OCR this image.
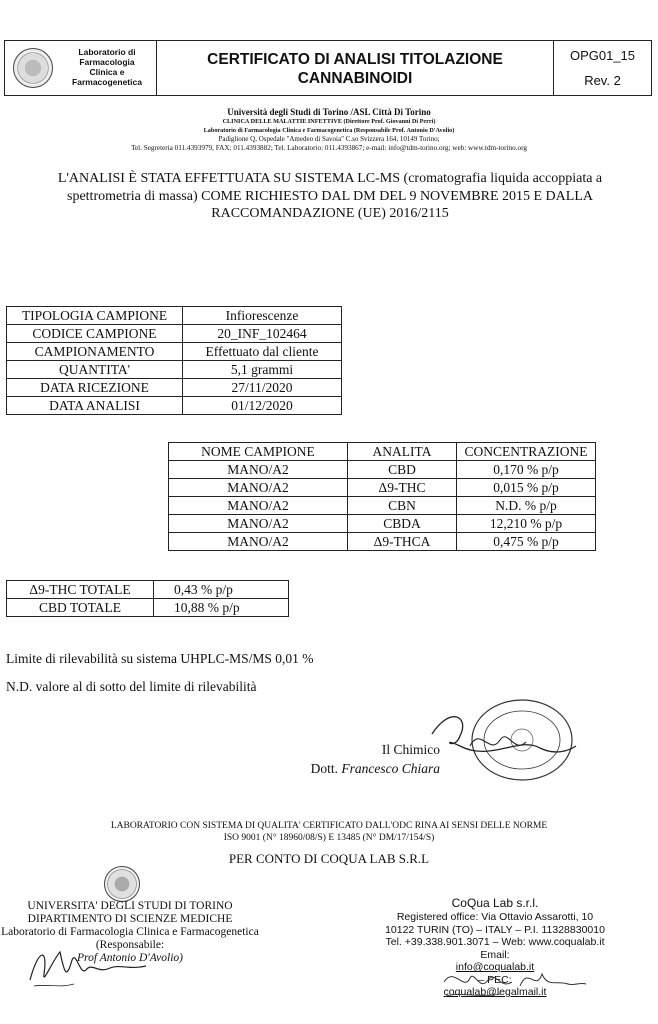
Laboratorio di
Farmacologia
Clinica e
Farmacogenetica
CERTIFICATO DI ANALISI TITOLAZIONE
CANNABINOIDI
OPG01_15
Rev. 2
Università degli Studi di Torino /ASL Città Di Torino
CLINICA DELLE MALATTIE INFETTIVE (Direttore Prof. Giovanni Di Perri)
Laboratorio di Farmacologia Clinica e Farmacogenetica (Responsabile Prof. Antonio D'Avolio)
Padiglione Q, Ospedale "Amedeo di Savoia" C.so Svizzera 164, 10149 Torino;
Tel. Segreteria 011.4393979, FAX: 011.4393882; Tel. Laboratorio: 011.4393867; e-mail: info@tdm-torino.org; web: www.tdm-torino.org
L'ANALISI È STATA EFFETTUATA SU SISTEMA LC-MS (cromatografia liquida accoppiata a
spettrometria di massa) COME RICHIESTO DAL DM DEL 9 NOVEMBRE 2015 E DALLA
RACCOMANDAZIONE (UE) 2016/2115
TIPOLOGIA CAMPIONE	Infiorescenze
CODICE CAMPIONE	20_INF_102464
CAMPIONAMENTO	Effettuato dal cliente
QUANTITA'	5,1 grammi
DATA RICEZIONE	27/11/2020
DATA ANALISI	01/12/2020
NOME CAMPIONE	ANALITA	CONCENTRAZIONE
MANO/A2	CBD	0,170 % p/p
MANO/A2	Δ9-THC	0,015 % p/p
MANO/A2	CBN	N.D. % p/p
MANO/A2	CBDA	12,210 % p/p
MANO/A2	Δ9-THCA	0,475 % p/p
Δ9-THC TOTALE	0,43 % p/p
CBD TOTALE	10,88 % p/p
Limite di rilevabilità su sistema UHPLC-MS/MS 0,01 %
N.D. valore al di sotto del limite di rilevabilità
Il Chimico
Dott. Francesco Chiara
LABORATORIO CON SISTEMA DI QUALITA' CERTIFICATO DALL'ODC RINA AI SENSI DELLE NORME
ISO 9001 (N° 18960/08/S) E 13485 (N° DM/17/154/S)
PER CONTO DI COQUA LAB S.R.L
UNIVERSITA' DEGLI STUDI DI TORINO
DIPARTIMENTO DI SCIENZE MEDICHE
Laboratorio di Farmacologia Clinica e Farmacogenetica
(Responsabile:
Prof Antonio D'Avolio)
CoQua Lab s.r.l.
Registered office: Via Ottavio Assarotti, 10
10122 TURIN (TO) – ITALY – P.I. 11328830010
Tel. +39.338.901.3071 – Web: www.coqualab.it
Email:
info@coqualab.it
– PEC:
coqualab@legalmail.it
